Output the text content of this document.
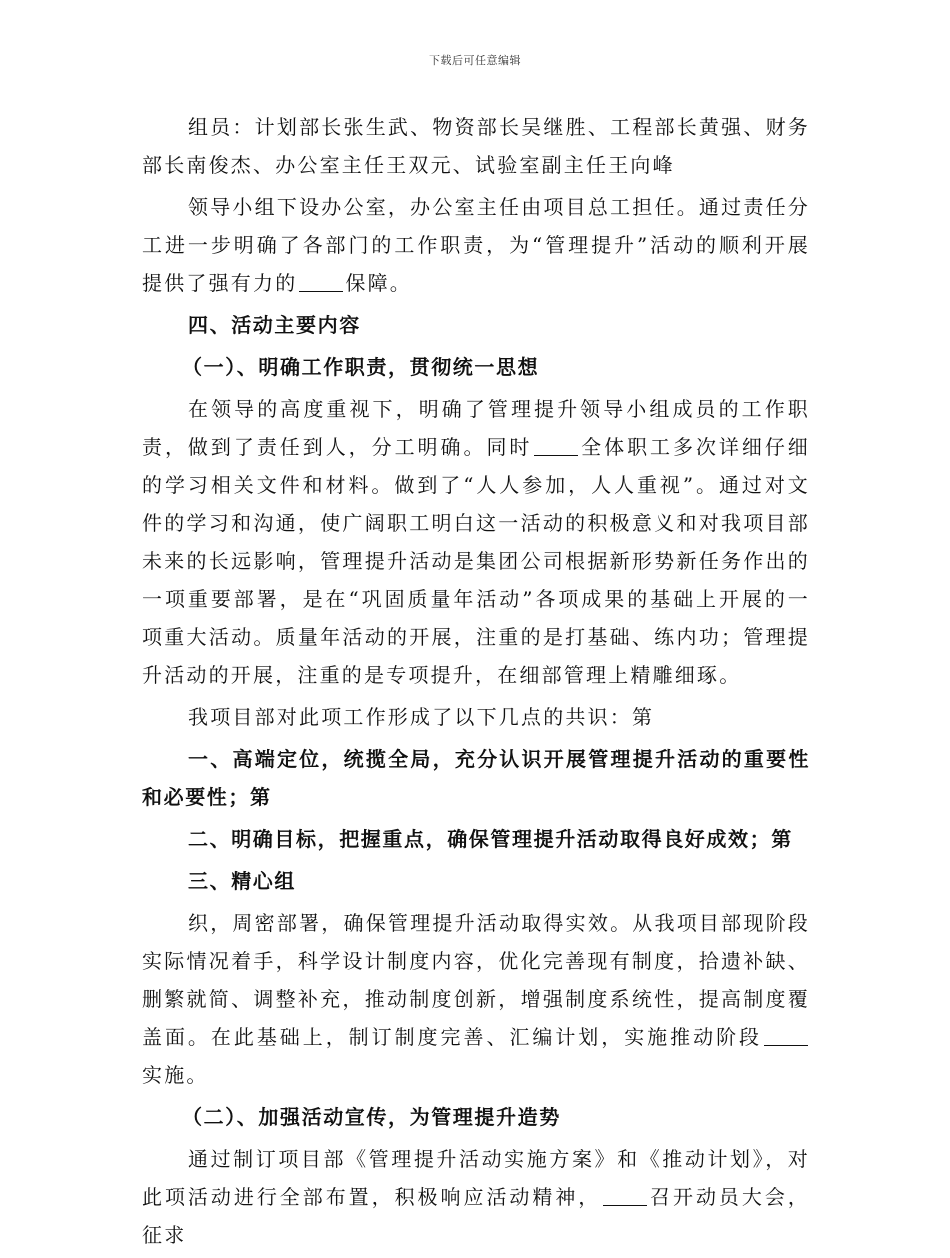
下载后可任意编辑

组员：计划部长张生武、物资部长吴继胜、工程部长黄强、财务部长南俊杰、办公室主任王双元、试验室副主任王向峰

领导小组下设办公室，办公室主任由项目总工担任。通过责任分工进一步明确了各部门的工作职责，为“管理提升”活动的顺利开展提供了强有力的 保障。

四、活动主要内容

（一）、明确工作职责，贯彻统一思想

在领导的高度重视下，明确了管理提升领导小组成员的工作职责，做到了责任到人，分工明确。同时 全体职工多次详细仔细的学习相关文件和材料。做到了“人人参加，人人重视”。通过对文件的学习和沟通，使广阔职工明白这一活动的积极意义和对我项目部未来的长远影响，管理提升活动是集团公司根据新形势新任务作出的一项重要部署，是在“巩固质量年活动”各项成果的基础上开展的一项重大活动。质量年活动的开展，注重的是打基础、练内功；管理提升活动的开展，注重的是专项提升，在细部管理上精雕细琢。

我项目部对此项工作形成了以下几点的共识：第

一、高端定位，统揽全局，充分认识开展管理提升活动的重要性和必要性；第

二、明确目标，把握重点，确保管理提升活动取得良好成效；第

三、精心组

织，周密部署，确保管理提升活动取得实效。从我项目部现阶段实际情况着手，科学设计制度内容，优化完善现有制度，拾遗补缺、删繁就简、调整补充，推动制度创新，增强制度系统性，提高制度覆盖面。在此基础上，制订制度完善、汇编计划，实施推动阶段实施。

（二）、加强活动宣传，为管理提升造势

通过制订项目部《管理提升活动实施方案》和《推动计划》，对此项活动进行全部布置，积极响应活动精神， 召开动员大会，征求
